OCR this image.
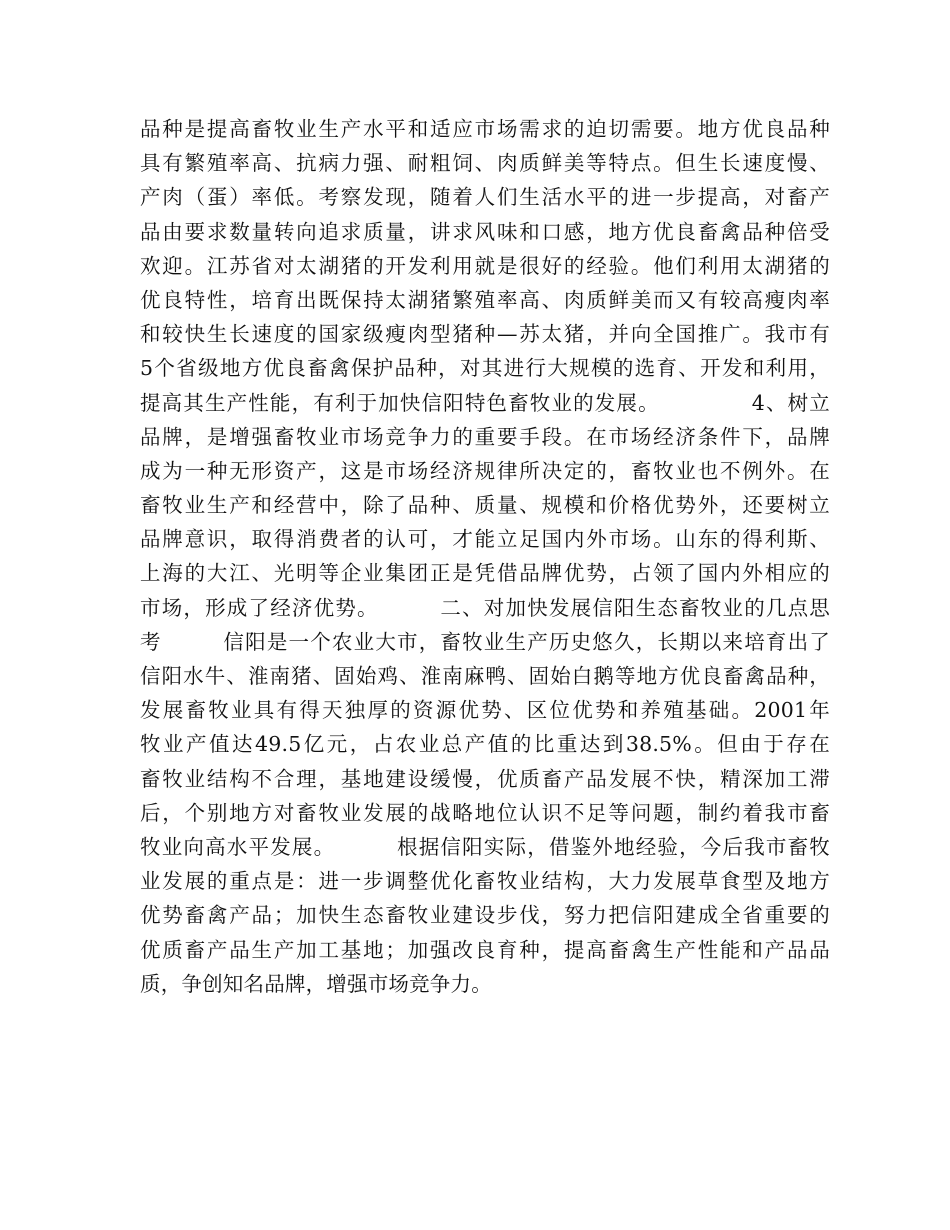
品种是提高畜牧业生产水平和适应市场需求的迫切需要。地方优良品种
具有繁殖率高、抗病力强、耐粗饲、肉质鲜美等特点。但生长速度慢、
产肉（蛋）率低。考察发现，随着人们生活水平的进一步提高，对畜产
品由要求数量转向追求质量，讲求风味和口感，地方优良畜禽品种倍受
欢迎。江苏省对太湖猪的开发利用就是很好的经验。他们利用太湖猪的
优良特性，培育出既保持太湖猪繁殖率高、肉质鲜美而又有较高瘦肉率
和较快生长速度的国家级瘦肉型猪种—苏太猪，并向全国推广。我市有
5个省级地方优良畜禽保护品种，对其进行大规模的选育、开发和利用，
提高其生产性能，有利于加快信阳特色畜牧业的发展。            4、树立
品牌，是增强畜牧业市场竞争力的重要手段。在市场经济条件下，品牌
成为一种无形资产，这是市场经济规律所决定的，畜牧业也不例外。在
畜牧业生产和经营中，除了品种、质量、规模和价格优势外，还要树立
品牌意识，取得消费者的认可，才能立足国内外市场。山东的得利斯、
上海的大江、光明等企业集团正是凭借品牌优势，占领了国内外相应的
市场，形成了经济优势。        二、对加快发展信阳生态畜牧业的几点思
考        信阳是一个农业大市，畜牧业生产历史悠久，长期以来培育出了
信阳水牛、淮南猪、固始鸡、淮南麻鸭、固始白鹅等地方优良畜禽品种，
发展畜牧业具有得天独厚的资源优势、区位优势和养殖基础。2001年
牧业产值达49.5亿元，占农业总产值的比重达到38.5%。但由于存在
畜牧业结构不合理，基地建设缓慢，优质畜产品发展不快，精深加工滞
后，个别地方对畜牧业发展的战略地位认识不足等问题，制约着我市畜
牧业向高水平发展。        根据信阳实际，借鉴外地经验，今后我市畜牧
业发展的重点是：进一步调整优化畜牧业结构，大力发展草食型及地方
优势畜禽产品；加快生态畜牧业建设步伐，努力把信阳建成全省重要的
优质畜产品生产加工基地；加强改良育种，提高畜禽生产性能和产品品
质，争创知名品牌，增强市场竞争力。
